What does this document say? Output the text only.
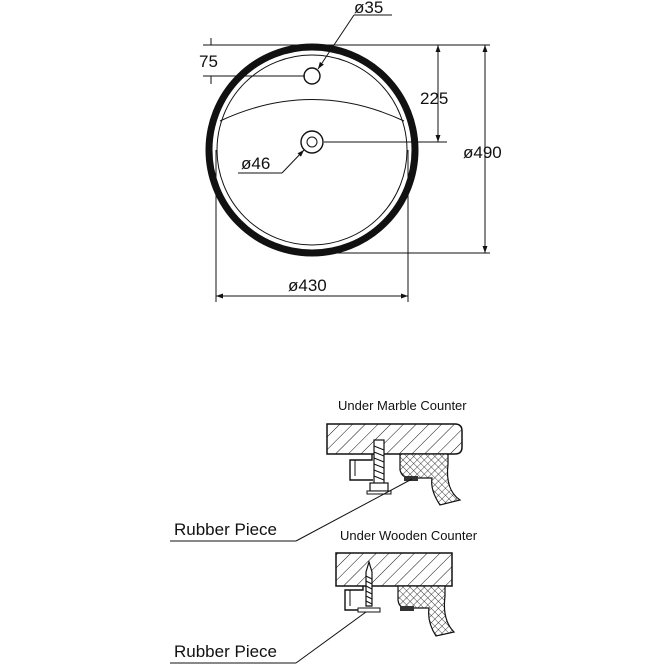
ø35
75
225
ø490
ø46
ø430
Under Marble Counter
Rubber Piece	Under Wooden Counter
Rubber Piece
